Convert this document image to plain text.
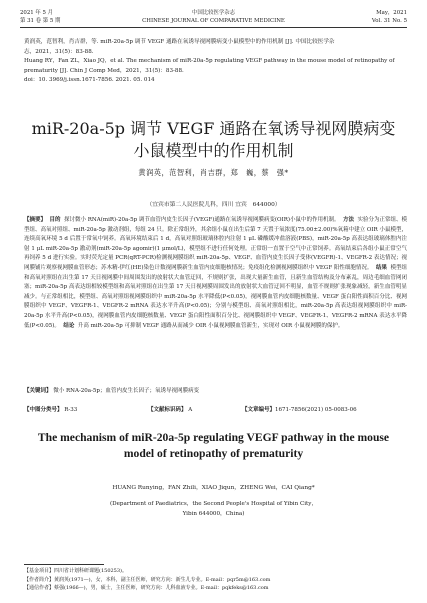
2021 年 5 月
第 31 卷 第 5 期
中国比较医学杂志
CHINESE JOURNAL OF COMPARATIVE MEDICINE
May，2021
Vol. 31 No. 5

黄润英，范智利，肖吉群，等. miR-20a-5p 调节 VEGF 通路在氧诱导视网膜病变小鼠模型中的作用机制 [J]. 中国比较医学杂

志，2021，31(5)：83-88.

Huang RY，Fan ZL，Xiao JQ，et al. The mechanism of miR-20a-5p regulating VEGF pathway in the mouse model of retinopathy of

prematurity [J]. Chin J Comp Med，2021，31(5)：83-88.

doi：10. 3969/j.issn.1671-7856. 2021. 05. 014

miR-20a-5p 调节 VEGF 通路在氧诱导视网膜病变
小鼠模型中的作用机制
黄润英，范智利，肖吉群，郑　巍，蔡　强*
（宜宾市第二人民医院儿科，四川 宜宾　644000）
【摘要】 目的 探讨微小 RNA(miR)-20a-5p 调节血管内皮生长因子(VEGF)通路在氧诱导视网膜病变(OIR)小鼠中的作用机制。 方法 实验分为正常组、模型组、高氧对照组、miR-20a-5p 激动剂组，每组 24 只。除正常组外，其余组小鼠在出生后第 7 天置于氧浓度(75.00±2.00)%氧箱中建立 OIR 小鼠模型，连续高氧环境 5 d 后置于常氧中饲养。高氧环境结束后 1 d，高氧对照组玻璃体腔内注射 1 μL 磷酸缓冲盐溶液(PBS)，miR-20a-5p 高表达组玻璃体腔内注射 1 μL miR-20a-5p 激动剂(miR-20a-5p agomir)(1 μmol/L)，模型组不进行任何处理。正常组一直置于空气中正常饲养。高氧结束后各组小鼠正常空气再饲养 5 d 进行实验。实时荧光定量 PCR(qRT-PCR)检测视网膜组织 miR-20a-5p、VEGF、血管内皮生长因子受体(VEGFR)-1、VEGFR-2 表达情况；视网膜铺片观察视网膜血管形态；苏木精-伊红(HE)染色计数视网膜新生血管内皮细胞核情况；免疫组化检测视网膜组织中 VEGF 阳性细胞情况。 结果 模型组和高氧对照组在出生第 17 天日视网膜中间周围发出的放射状大血管迂回，不规则扩张，出现大量新生血管，且新生血管结构及分布紊乱，周边毛细血管网闭塞；miR-20a-5p 高表达组相较模型组和高氧对照组在出生第 17 天日视网膜周围发出的放射状大血管迂回不明显，血管不规则扩张现象减轻，新生血管明显减少。与正常组相比，模型组、高氧对照组视网膜组织中 miR-20a-5p 水平降低(P<0.05)，视网膜血管内皮细胞核数量、VEGF 蛋白阳性面积百分比、视网膜组织中 VEGF、VEGFR-1、VEGFR-2 mRNA 表达水平升高(P<0.05)；分别与模型组、高氧对照组相比，miR-20a-5p 高表达组视网膜组织中 miR-20a-5p 水平升高(P<0.05)，视网膜血管内皮细胞核数量、VEGF 蛋白阳性面积百分比、视网膜组织中 VEGF、VEGFR-1、VEGFR-2 mRNA 表达水平降低(P<0.05)。 结论 升高 miR-20a-5p 可抑制 VEGF 通路从而减少 OIR 小鼠视网膜血管新生，实现对 OIR 小鼠视网膜的保护。
【关键词】 微小 RNA-20a-5p；血管内皮生长因子；氧诱导视网膜病变
【中图分类号】 R-33	【文献标识码】 A	【文章编号】1671-7856(2021) 05-0083-06
The mechanism of miR-20a-5p regulating VEGF pathway in the mouse
model of retinopathy of prematurity
HUANG Runying，FAN Zhili，XIAO Jiqun，ZHENG Wei，CAI Qiang*
(Department of Paediatrics，the Second People's Hospital of Yibin City，
Yibin 644000，China)

【基金项目】四川省计划科研课题(150253)。

【作者简介】黄润英(1971—)，女，本科，副主任医师，研究方向：新生儿专业。E-mail：pqr5m@163.com

【通信作者】蔡强(1966—)，男，硕士，主任医师，研究方向：儿科血液专业。E-mail：pqkfeks@163.com
